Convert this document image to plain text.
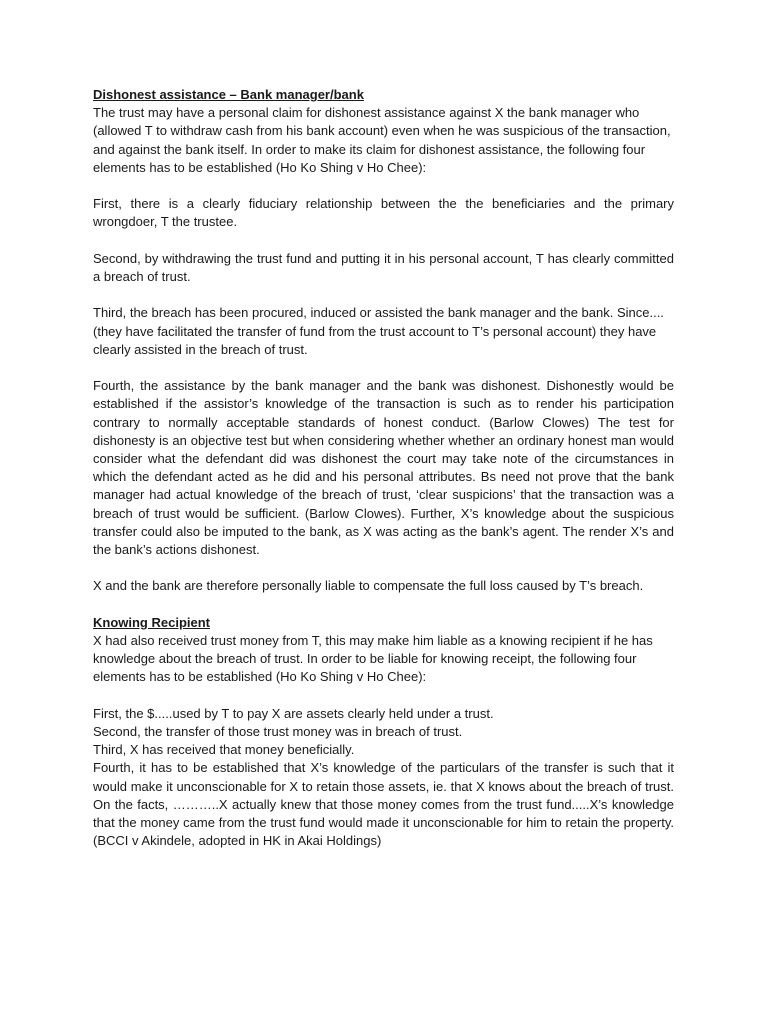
Dishonest assistance – Bank manager/bank

The trust may have a personal claim for dishonest assistance against X the bank manager who (allowed T to withdraw cash from his bank account) even when he was suspicious of the transaction, and against the bank itself. In order to make its claim for dishonest assistance, the following four elements has to be established (Ho Ko Shing v Ho Chee):

First, there is a clearly fiduciary relationship between the the beneficiaries and the primary wrongdoer, T the trustee.

Second, by withdrawing the trust fund and putting it in his personal account, T has clearly committed a breach of trust.

Third, the breach has been procured, induced or assisted the bank manager and the bank. Since....(they have facilitated the transfer of fund from the trust account to T’s personal account) they have clearly assisted in the breach of trust.

Fourth, the assistance by the bank manager and the bank was dishonest. Dishonestly would be established if the assistor’s knowledge of the transaction is such as to render his participation contrary to normally acceptable standards of honest conduct. (Barlow Clowes) The test for dishonesty is an objective test but when considering whether whether an ordinary honest man would consider what the defendant did was dishonest the court may take note of the circumstances in which the defendant acted as he did and his personal attributes. Bs need not prove that the bank manager had actual knowledge of the breach of trust, ‘clear suspicions’ that the transaction was a breach of trust would be sufficient. (Barlow Clowes). Further, X’s knowledge about the suspicious transfer could also be imputed to the bank, as X was acting as the bank’s agent. The render X’s and the bank’s actions dishonest.

X and the bank are therefore personally liable to compensate the full loss caused by T’s breach.

Knowing Recipient

X had also received trust money from T, this may make him liable as a knowing recipient if he has knowledge about the breach of trust. In order to be liable for knowing receipt, the following four elements has to be established (Ho Ko Shing v Ho Chee):

First, the $.....used by T to pay X are assets clearly held under a trust.

Second, the transfer of those trust money was in breach of trust.

Third, X has received that money beneficially.

Fourth, it has to be established that X’s knowledge of the particulars of the transfer is such that it would make it unconscionable for X to retain those assets, ie. that X knows about the breach of trust. On the facts, ………..X actually knew that those money comes from the trust fund.....X’s knowledge that the money came from the trust fund would made it unconscionable for him to retain the property. (BCCI v Akindele, adopted in HK in Akai Holdings)
